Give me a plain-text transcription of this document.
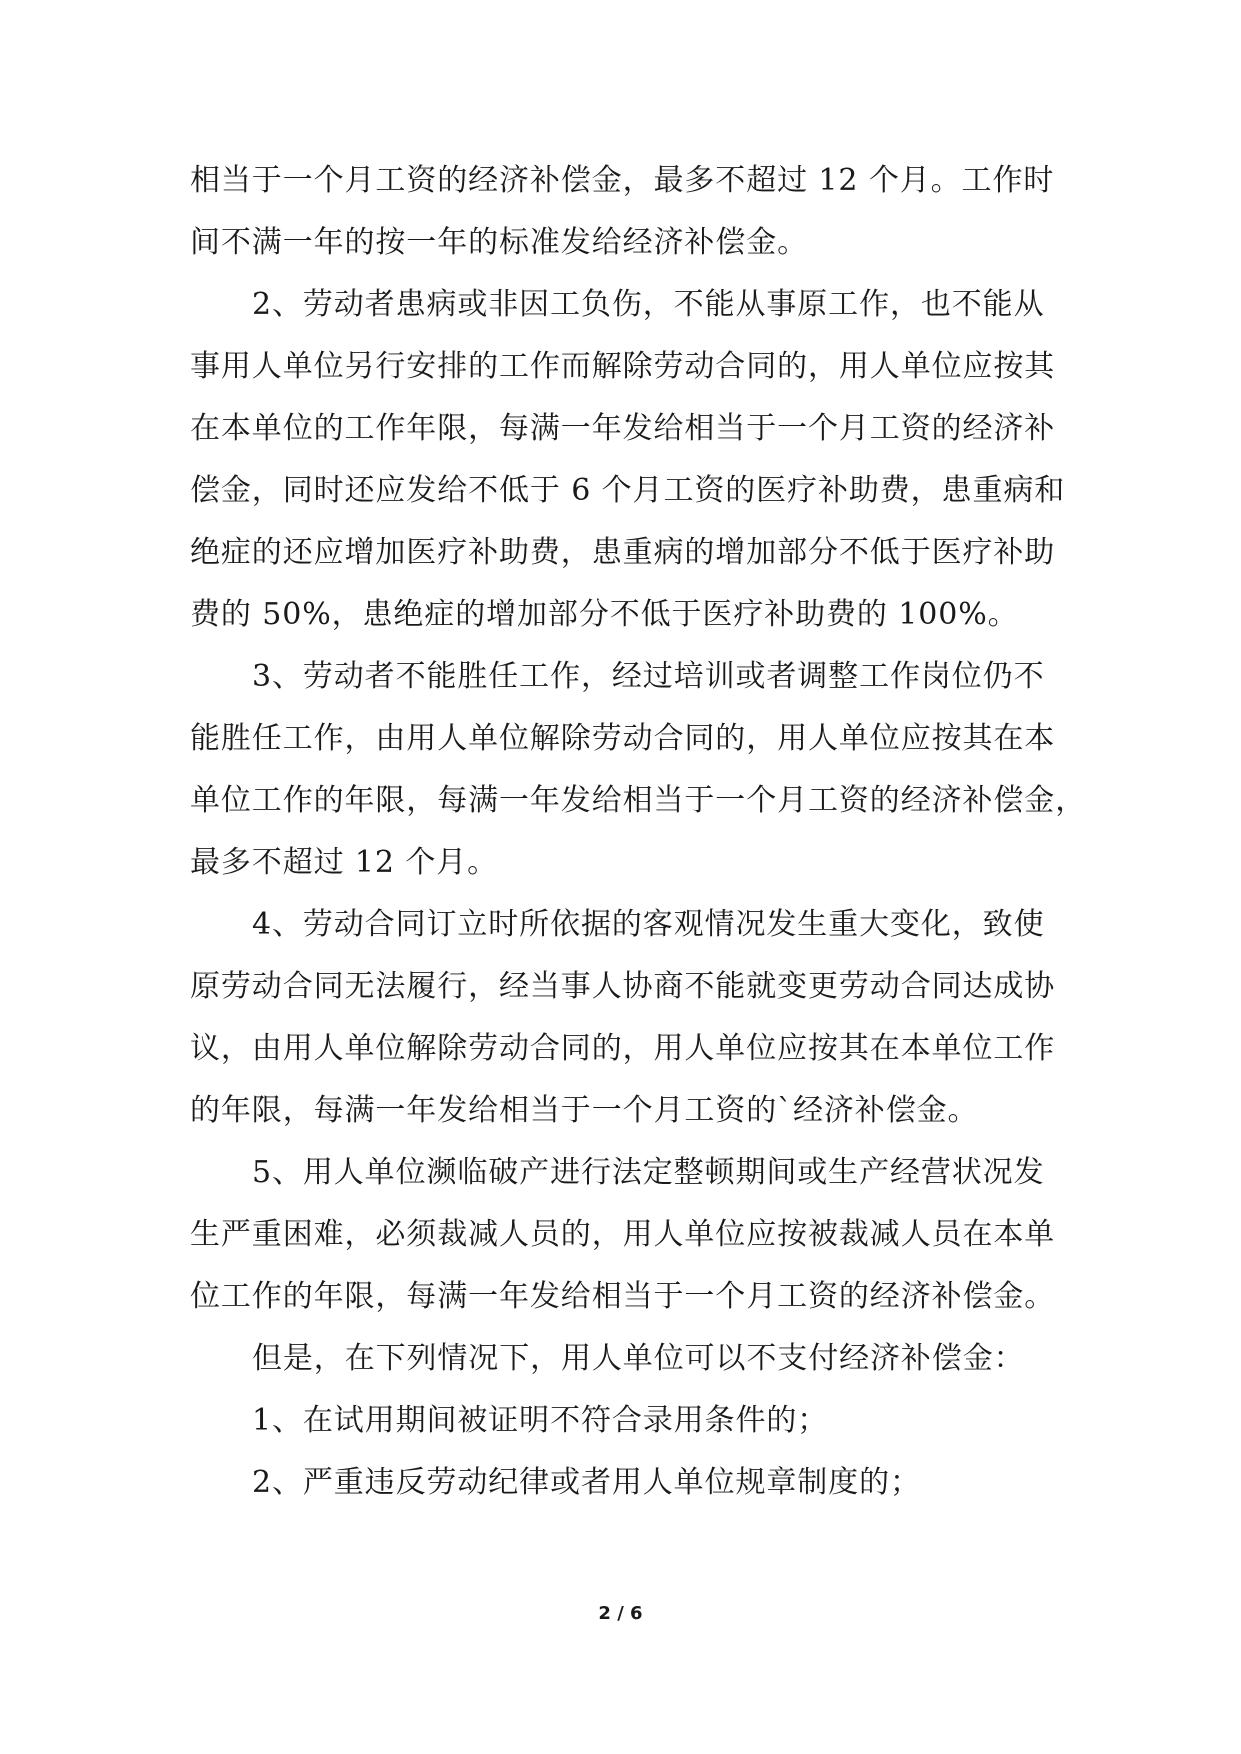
相当于一个月工资的经济补偿金，最多不超过 12 个月。工作时
间不满一年的按一年的标准发给经济补偿金。
2、劳动者患病或非因工负伤，不能从事原工作，也不能从
事用人单位另行安排的工作而解除劳动合同的，用人单位应按其
在本单位的工作年限，每满一年发给相当于一个月工资的经济补
偿金，同时还应发给不低于 6 个月工资的医疗补助费，患重病和
绝症的还应增加医疗补助费，患重病的增加部分不低于医疗补助
费的 50%，患绝症的增加部分不低于医疗补助费的 100%。
3、劳动者不能胜任工作，经过培训或者调整工作岗位仍不
能胜任工作，由用人单位解除劳动合同的，用人单位应按其在本
单位工作的年限，每满一年发给相当于一个月工资的经济补偿金，
最多不超过 12 个月。
4、劳动合同订立时所依据的客观情况发生重大变化，致使
原劳动合同无法履行，经当事人协商不能就变更劳动合同达成协
议，由用人单位解除劳动合同的，用人单位应按其在本单位工作
的年限，每满一年发给相当于一个月工资的`经济补偿金。
5、用人单位濒临破产进行法定整顿期间或生产经营状况发
生严重困难，必须裁减人员的，用人单位应按被裁减人员在本单
位工作的年限，每满一年发给相当于一个月工资的经济补偿金。
但是，在下列情况下，用人单位可以不支付经济补偿金：
1、在试用期间被证明不符合录用条件的；
2、严重违反劳动纪律或者用人单位规章制度的；
2 / 6
